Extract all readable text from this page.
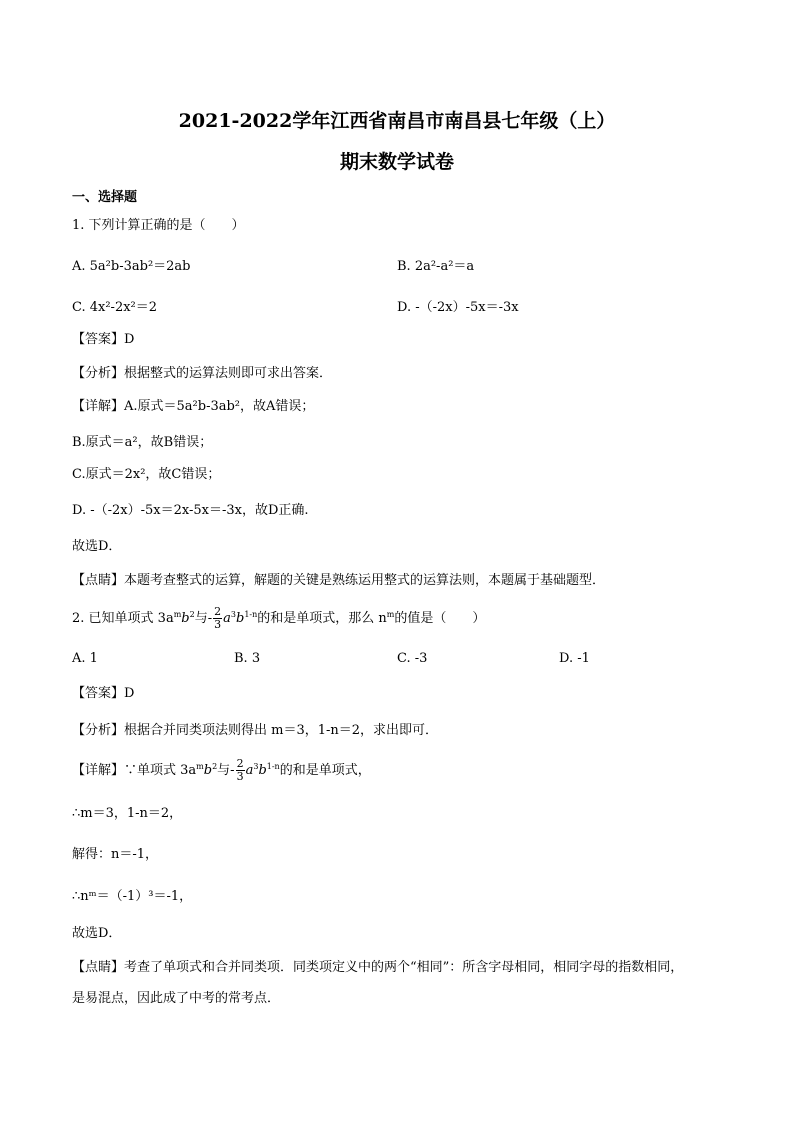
2021-2022学年江西省南昌市南昌县七年级（上）
期末数学试卷
一、选择题
1. 下列计算正确的是（　　）
A. 5a²b-3ab²＝2ab	B. 2a²-a²＝a
C. 4x²-2x²＝2	D. -（-2x）-5x＝-3x
【答案】D
【分析】根据整式的运算法则即可求出答案．
【详解】A.原式＝5a²b-3ab²，故A错误；
B.原式＝a²，故B错误；
C.原式＝2x²，故C错误；
D. -（-2x）-5x＝2x-5x＝-3x，故D正确.
故选D．
【点睛】本题考查整式的运算，解题的关键是熟练运用整式的运算法则，本题属于基础题型．
2. 已知单项式 $3a^mb^2$与- $\frac{2}{3} a^3b^{1-n}$的和是单项式，那么 $n^m$的值是（　　）
A. 1	B. 3	C. -3	D. -1
【答案】D
【分析】根据合并同类项法则得出 m＝3，1-n＝2，求出即可．
【详解】∵单项式 $3a^mb^2$与- $\frac{2}{3} a^3b^{1-n}$的和是单项式，
∴m＝3，1-n＝2，
解得：n＝-1，
∴nᵐ＝（-1）³＝-1，
故选D．
【点睛】考查了单项式和合并同类项．同类项定义中的两个“相同”：所含字母相同，相同字母的指数相同，
是易混点，因此成了中考的常考点．
